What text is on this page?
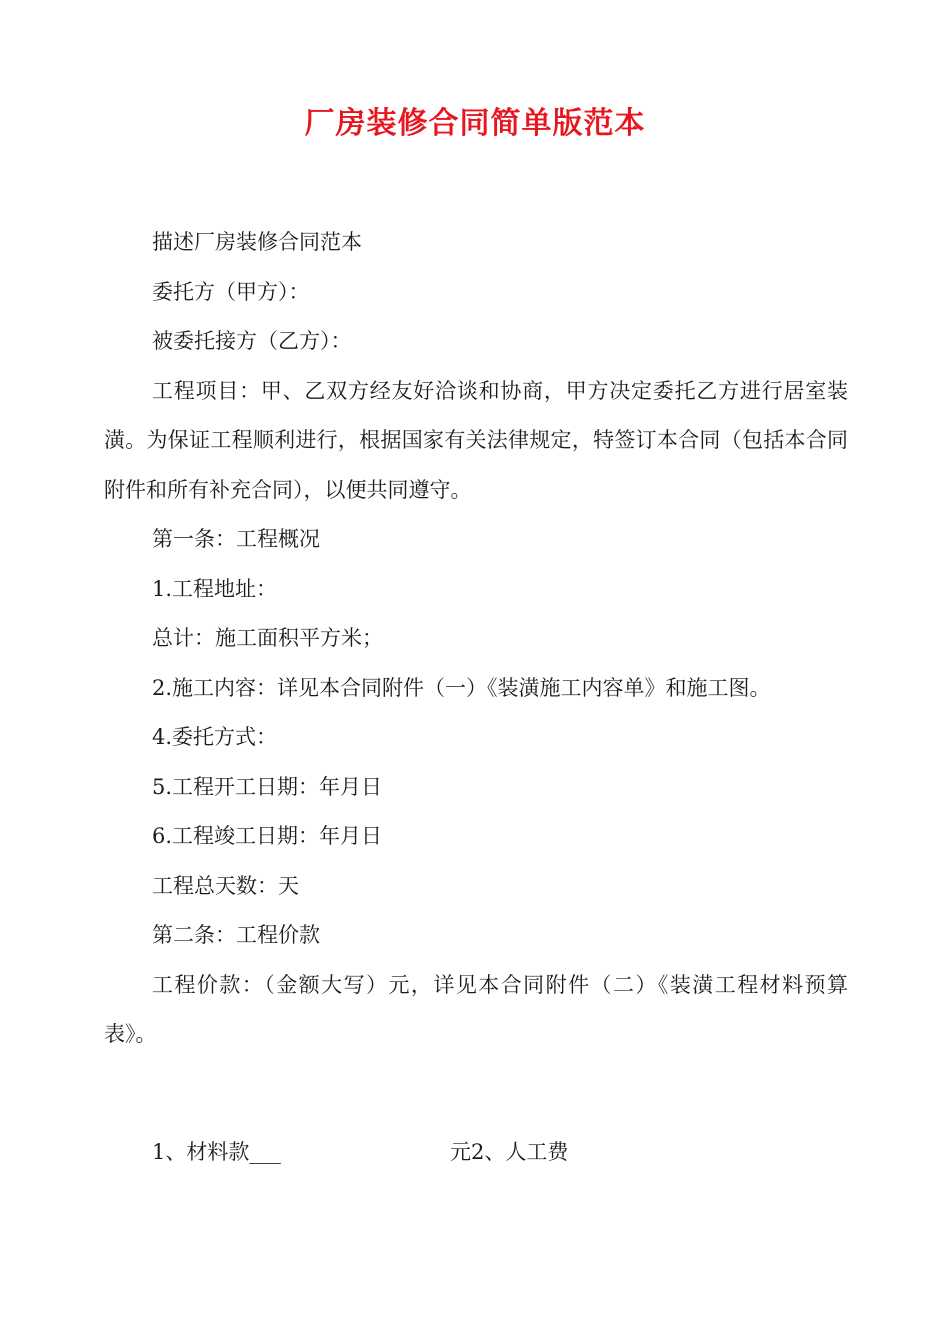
厂房装修合同简单版范本

描述厂房装修合同范本

委托方（甲方）：

被委托接方（乙方）：

工程项目：甲、乙双方经友好洽谈和协商，甲方决定委托乙方进行居室装潢。为保证工程顺利进行，根据国家有关法律规定，特签订本合同（包括本合同附件和所有补充合同），以便共同遵守。

第一条：工程概况

1.工程地址：

总计：施工面积平方米；

2.施工内容：详见本合同附件（一）《装潢施工内容单》和施工图。

4.委托方式：

5.工程开工日期：年月日

6.工程竣工日期：年月日

工程总天数：天

第二条：工程价款

工程价款：（金额大写）元，详见本合同附件（二）《装潢工程材料预算表》。

1、材料款___	元2、人工费
